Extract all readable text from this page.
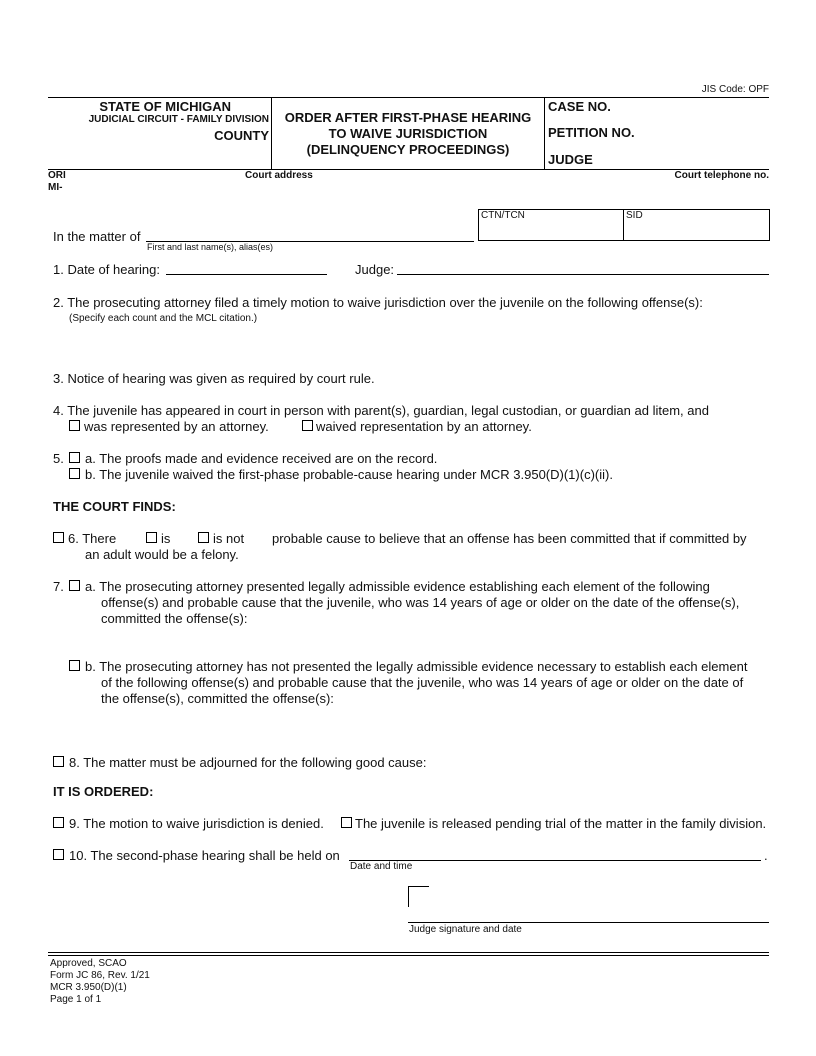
JIS Code: OPF
STATE OF MICHIGAN
JUDICIAL CIRCUIT - FAMILY DIVISION
COUNTY
ORDER AFTER FIRST-PHASE HEARING
TO WAIVE JURISDICTION
(DELINQUENCY PROCEEDINGS)
CASE NO.
PETITION NO.
JUDGE
ORI
MI-
Court address	Court telephone no.
CTN/TCN	SID
In the matter of
First and last name(s), alias(es)
1. Date of hearing:	Judge:
2. The prosecuting attorney filed a timely motion to waive jurisdiction over the juvenile on the following offense(s):
(Specify each count and the MCL citation.)
3. Notice of hearing was given as required by court rule.
4. The juvenile has appeared in court in person with parent(s), guardian, legal custodian, or guardian ad litem, and
was represented by an attorney.	waived representation by an attorney.
5. a. The proofs made and evidence received are on the record.
b. The juvenile waived the first-phase probable-cause hearing under MCR 3.950(D)(1)(c)(ii).
THE COURT FINDS:
6. There	is	is not probable cause to believe that an offense has been committed that if committed by
an adult would be a felony.
7. a. The prosecuting attorney presented legally admissible evidence establishing each element of the following
offense(s) and probable cause that the juvenile, who was 14 years of age or older on the date of the offense(s),
committed the offense(s):
b. The prosecuting attorney has not presented the legally admissible evidence necessary to establish each element
of the following offense(s) and probable cause that the juvenile, who was 14 years of age or older on the date of
the offense(s), committed the offense(s):
8. The matter must be adjourned for the following good cause:
IT IS ORDERED:
9. The motion to waive jurisdiction is denied. The juvenile is released pending trial of the matter in the family division.
10. The second-phase hearing shall be held on	.
Date and time
Judge signature and date
Approved, SCAO
Form JC 86, Rev. 1/21
MCR 3.950(D)(1)
Page 1 of 1
